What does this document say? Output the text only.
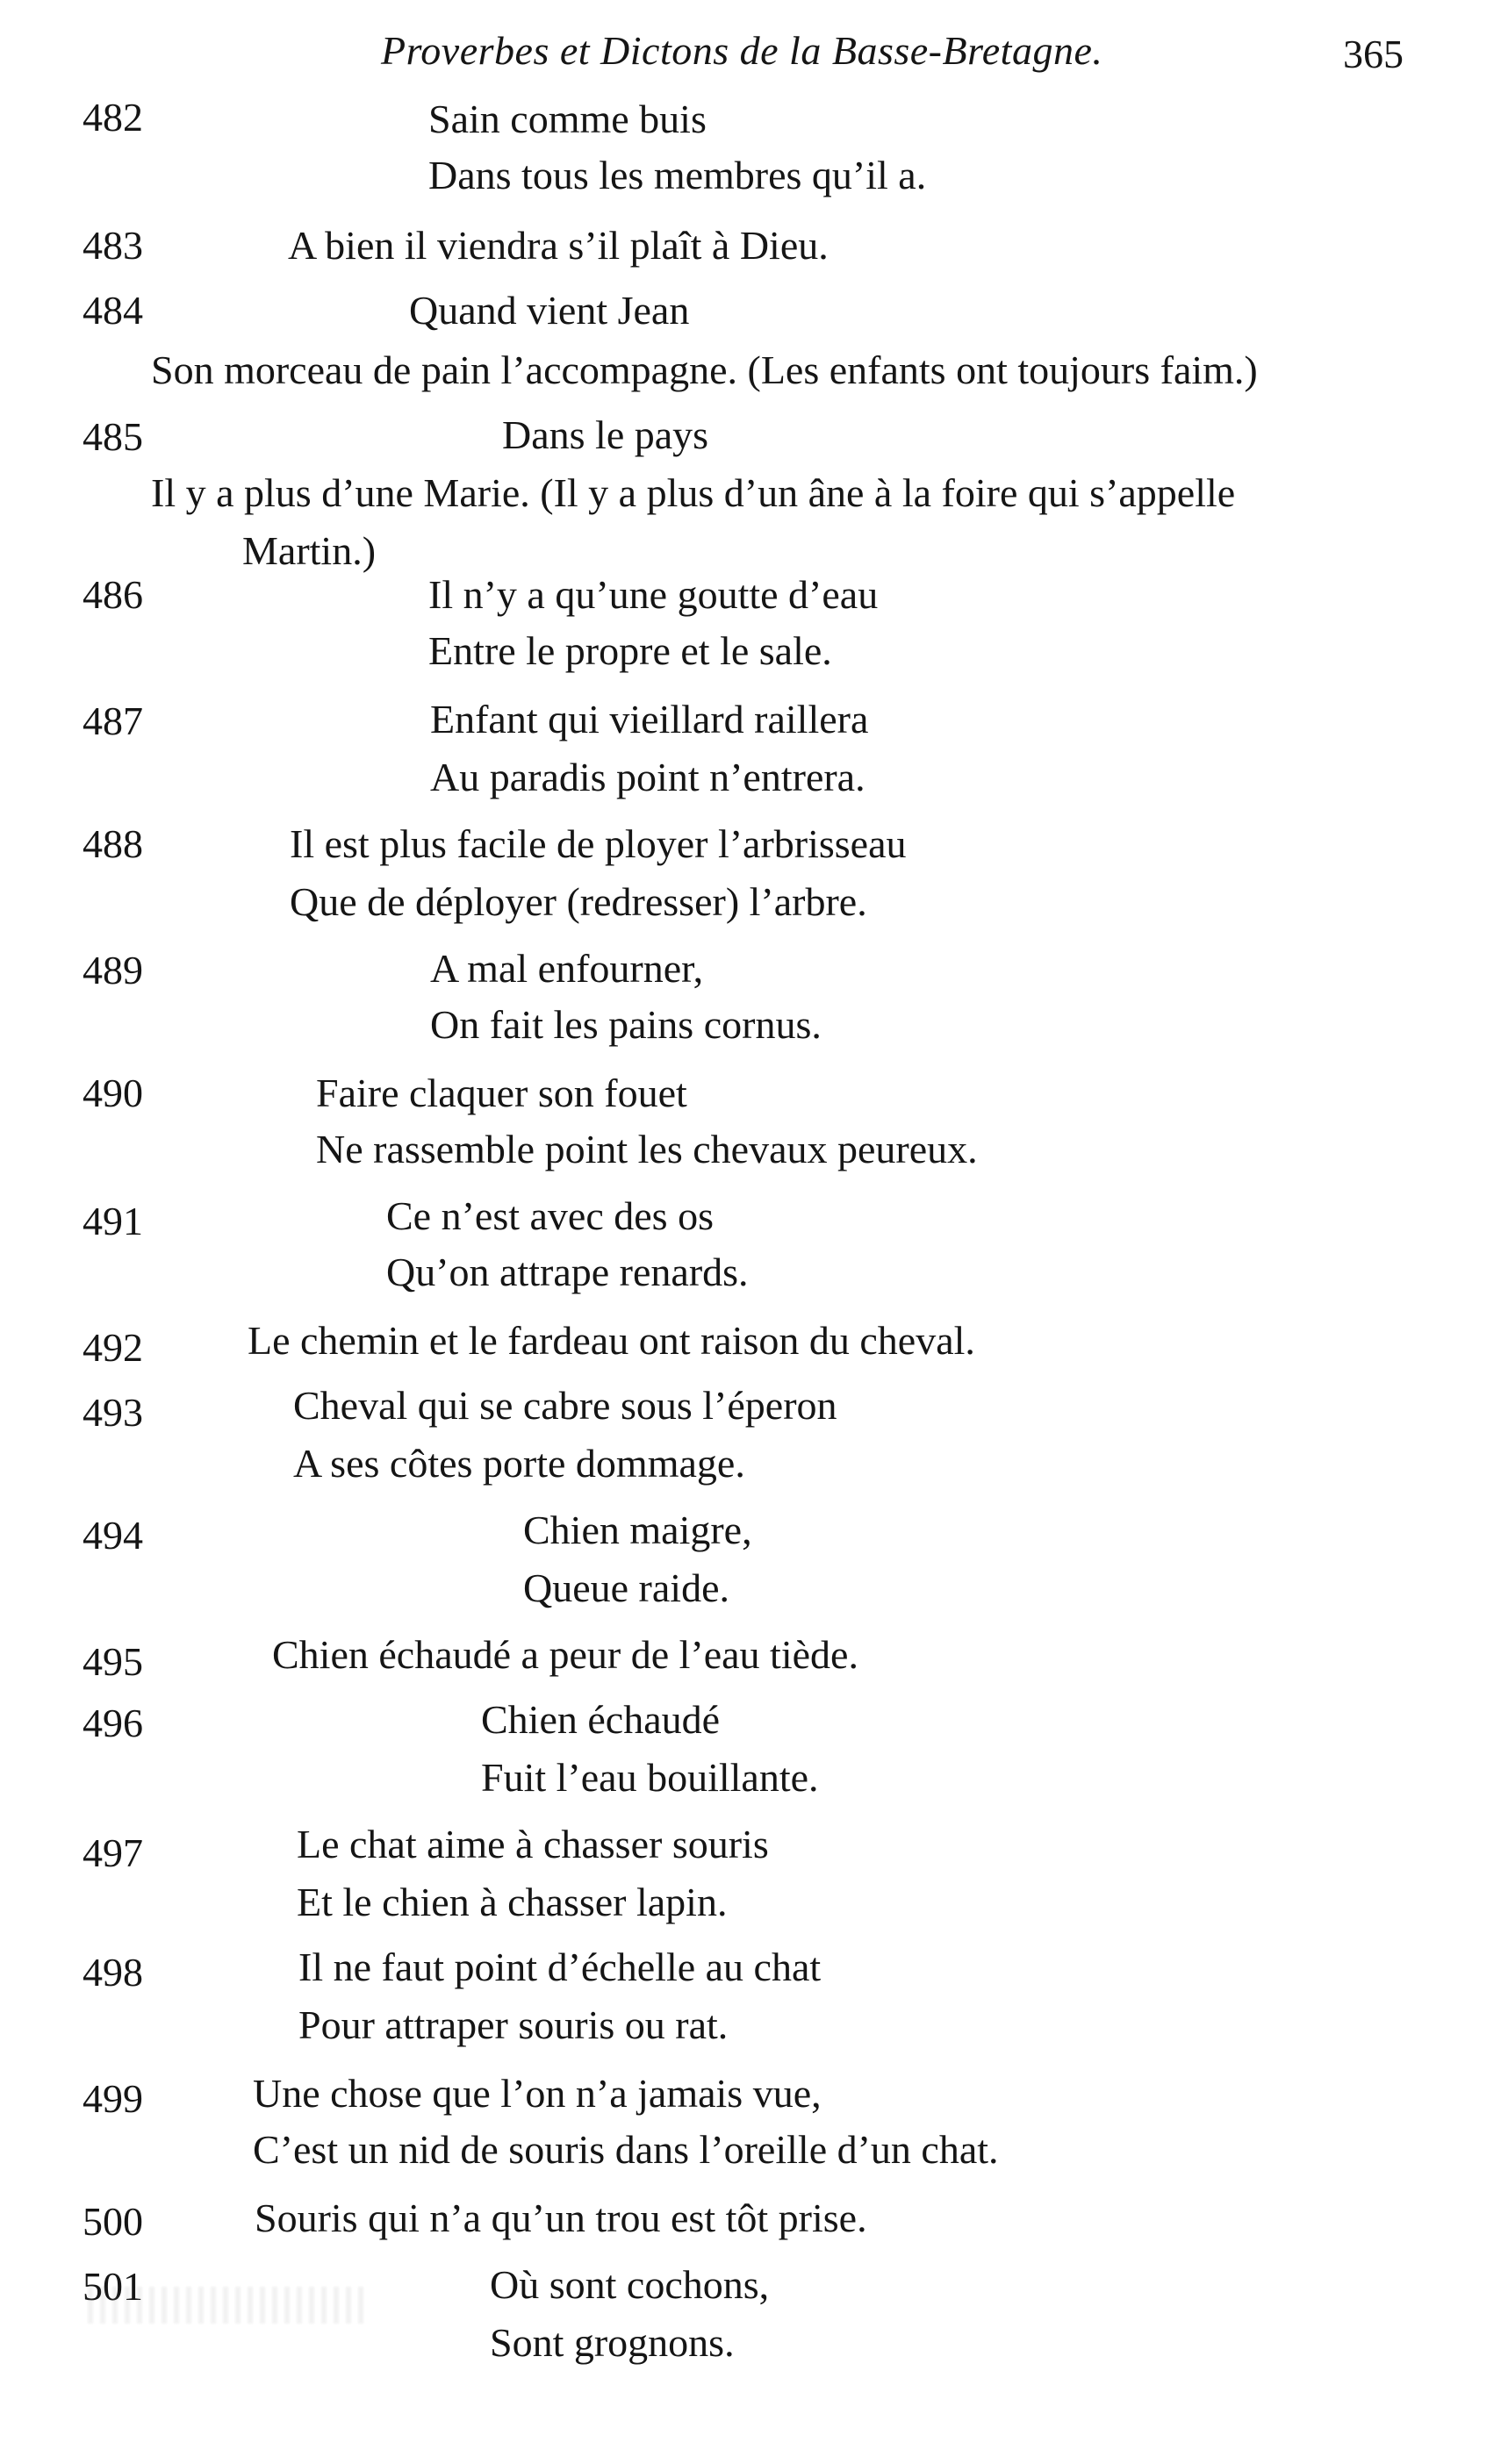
Proverbes et Dictons de la Basse-Bretagne.	365
482	Sain comme buis
Dans tous les membres qu’il a.
483	A bien il viendra s’il plaît à Dieu.
484	Quand vient Jean
Son morceau de pain l’accompagne. (Les enfants ont toujours faim.)
485	Dans le pays
Il y a plus d’une Marie. (Il y a plus d’un âne à la foire qui s’appelle
Martin.)
486	Il n’y a qu’une goutte d’eau
Entre le propre et le sale.
487	Enfant qui vieillard raillera
Au paradis point n’entrera.
488	Il est plus facile de ployer l’arbrisseau
Que de déployer (redresser) l’arbre.
489	A mal enfourner,
On fait les pains cornus.
490	Faire claquer son fouet
Ne rassemble point les chevaux peureux.
491	Ce n’est avec des os
Qu’on attrape renards.
492	Le chemin et le fardeau ont raison du cheval.
493	Cheval qui se cabre sous l’éperon
A ses côtes porte dommage.
494	Chien maigre,
Queue raide.
495	Chien échaudé a peur de l’eau tiède.
496	Chien échaudé
Fuit l’eau bouillante.
497	Le chat aime à chasser souris
Et le chien à chasser lapin.
498	Il ne faut point d’échelle au chat
Pour attraper souris ou rat.
499	Une chose que l’on n’a jamais vue,
C’est un nid de souris dans l’oreille d’un chat.
500	Souris qui n’a qu’un trou est tôt prise.
501	Où sont cochons,
Sont grognons.
